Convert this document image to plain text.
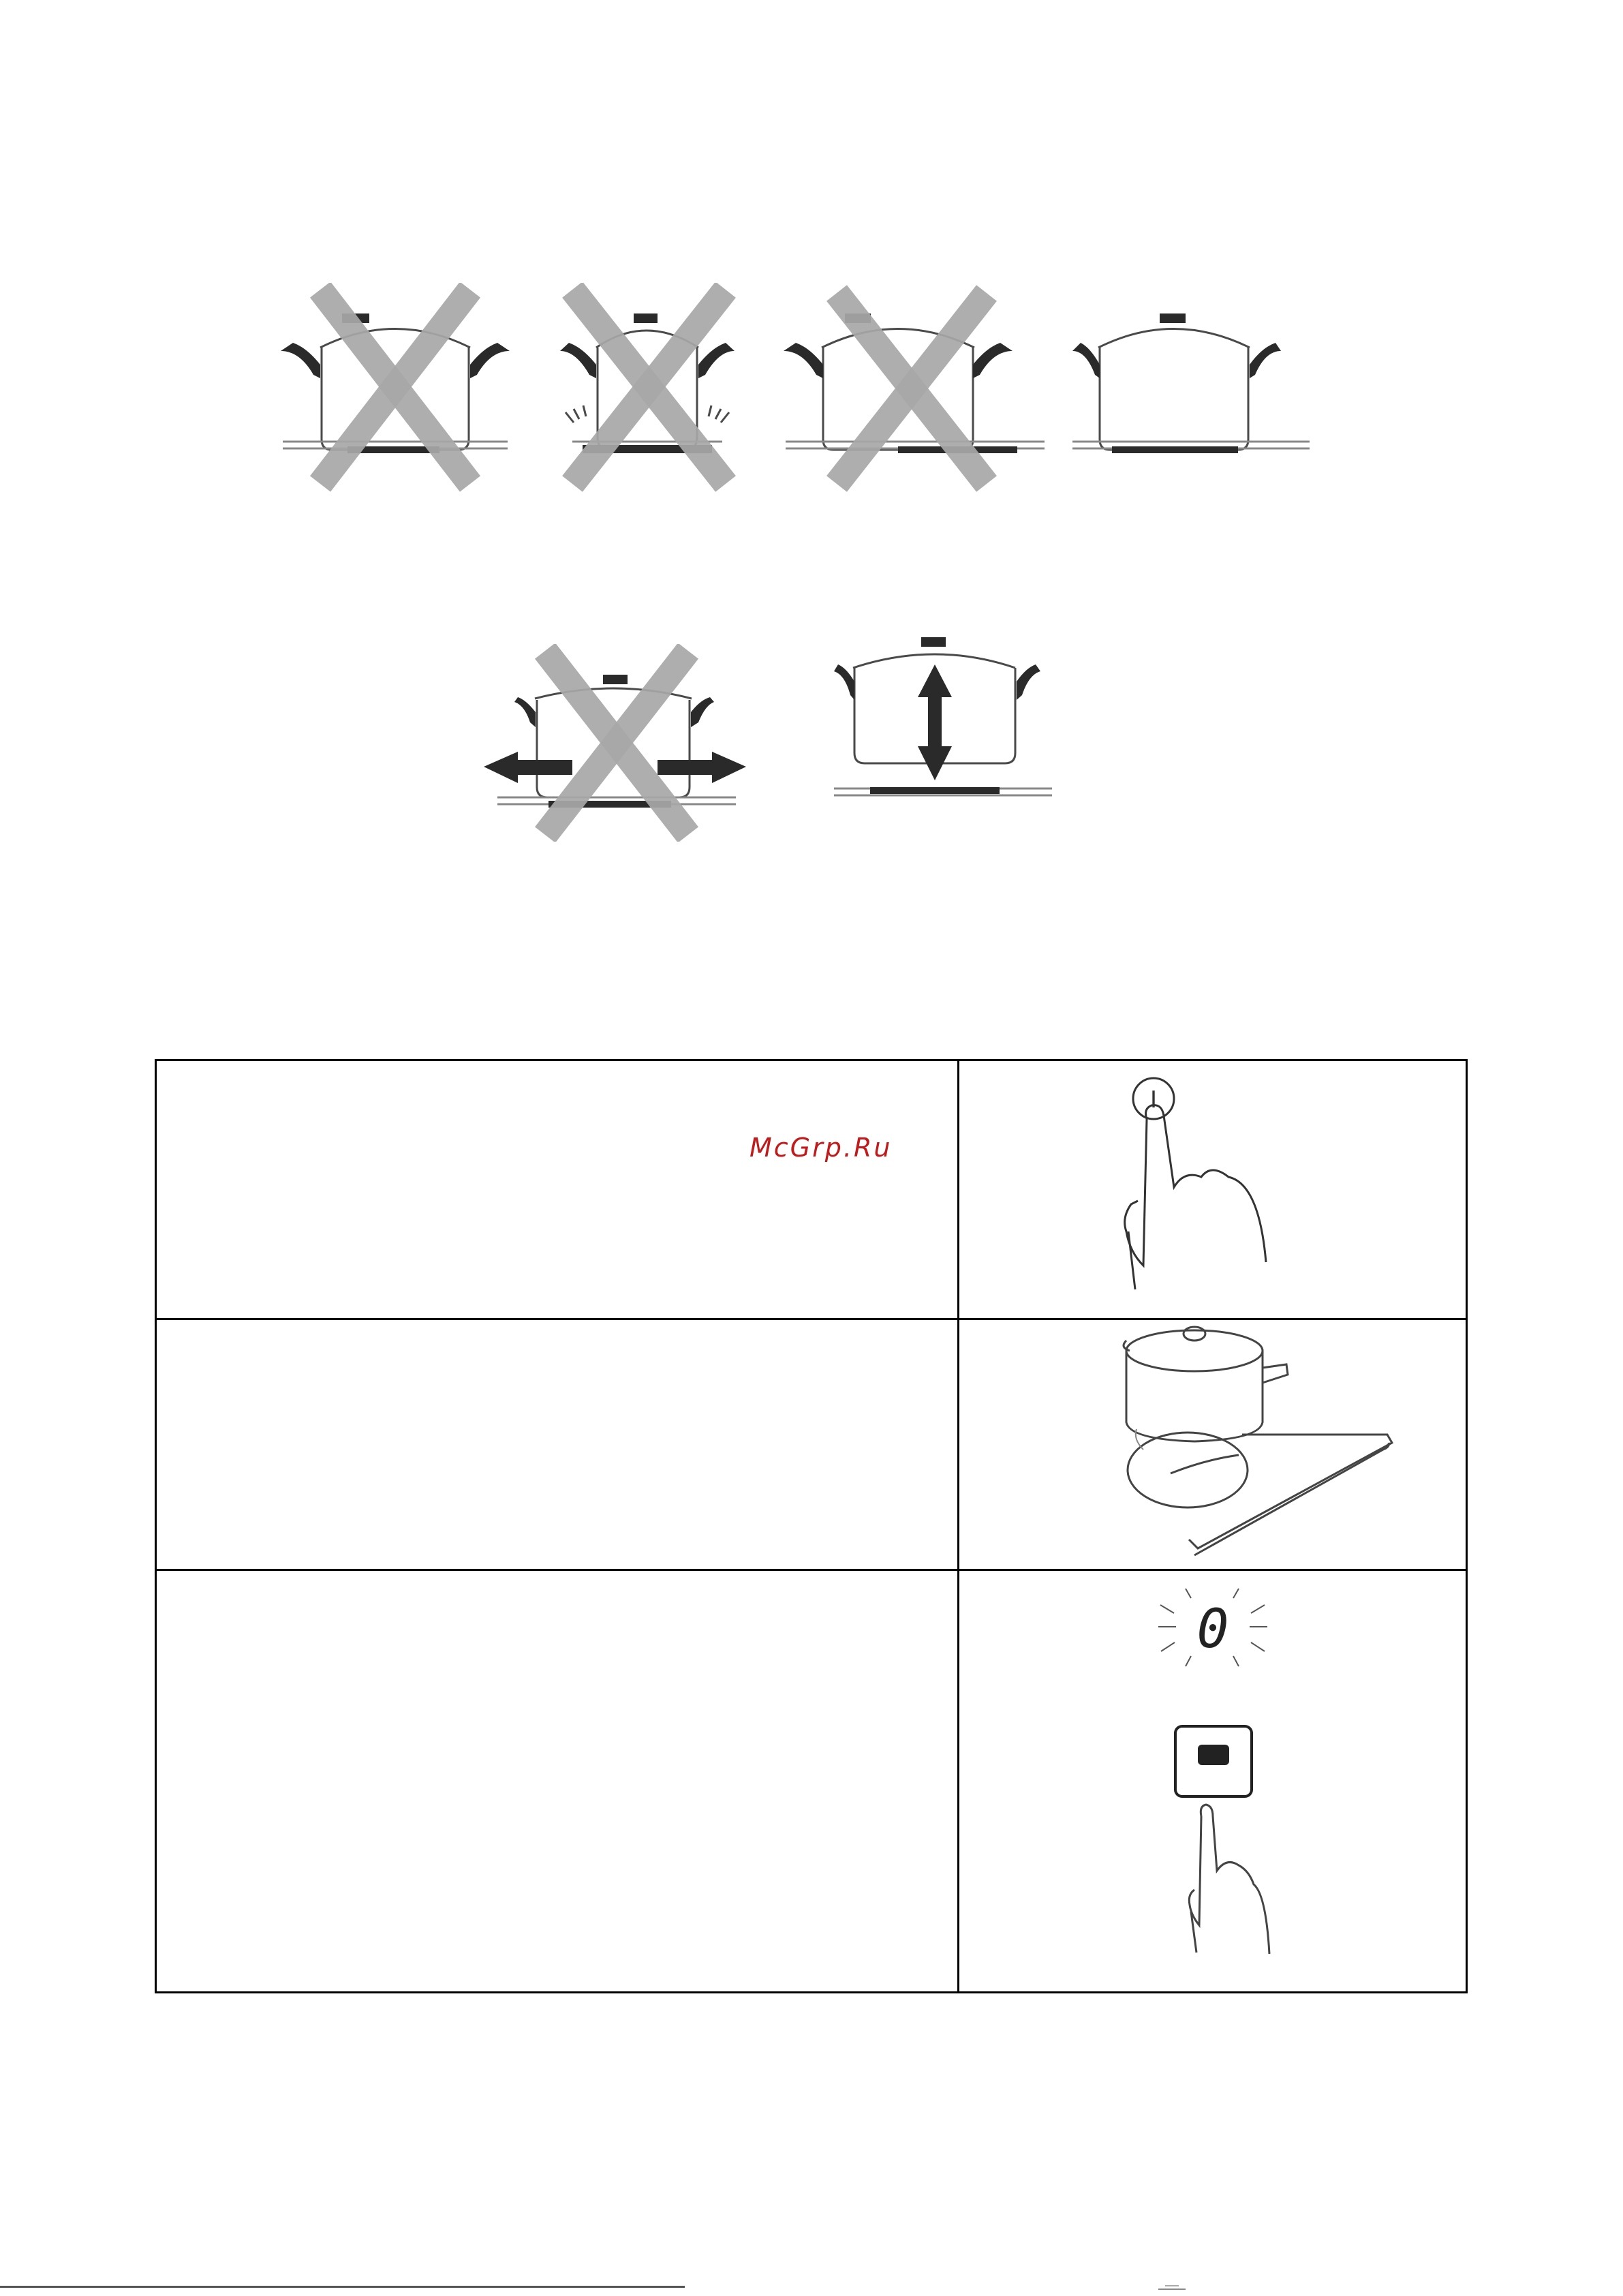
McGrp.Ru	I

0
